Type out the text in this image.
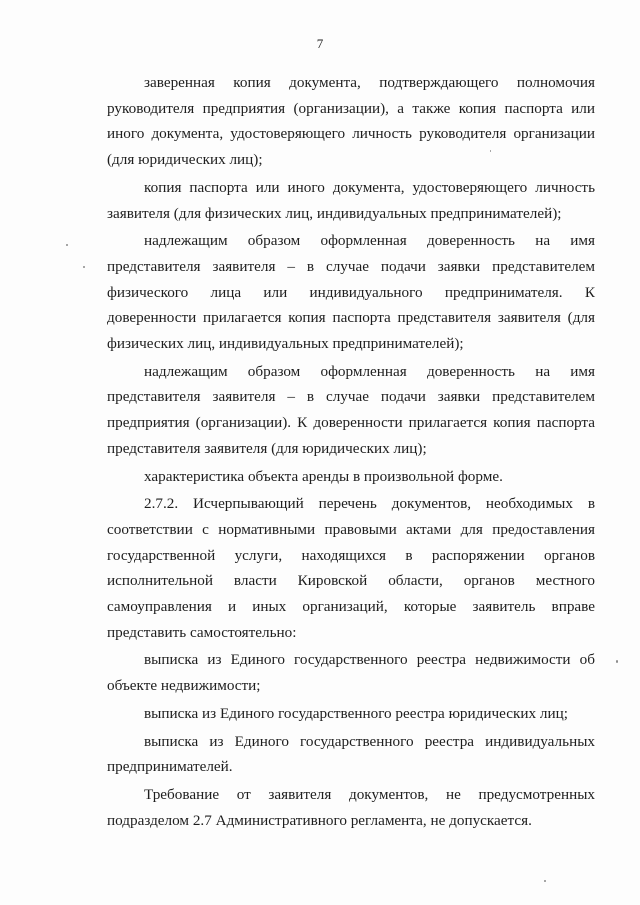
7

заверенная копия документа, подтверждающего полномочия руководителя предприятия (организации), а также копия паспорта или иного документа, удостоверяющего личность руководителя организации (для юридических лиц);

копия паспорта или иного документа, удостоверяющего личность заявителя (для физических лиц, индивидуальных предпринимателей);

надлежащим образом оформленная доверенность на имя представителя заявителя – в случае подачи заявки представителем физического лица или индивидуального предпринимателя. К доверенности прилагается копия паспорта представителя заявителя (для физических лиц, индивидуальных предпринимателей);

надлежащим образом оформленная доверенность на имя представителя заявителя – в случае подачи заявки представителем предприятия (организации). К доверенности прилагается копия паспорта представителя заявителя (для юридических лиц);

характеристика объекта аренды в произвольной форме.

2.7.2. Исчерпывающий перечень документов, необходимых в соответствии с нормативными правовыми актами для предоставления государственной услуги, находящихся в распоряжении органов исполнительной власти Кировской области, органов местного самоуправления и иных организаций, которые заявитель вправе представить самостоятельно:

выписка из Единого государственного реестра недвижимости об объекте недвижимости;

выписка из Единого государственного реестра юридических лиц;

выписка из Единого государственного реестра индивидуальных предпринимателей.

Требование от заявителя документов, не предусмотренных подразделом 2.7 Административного регламента, не допускается.
